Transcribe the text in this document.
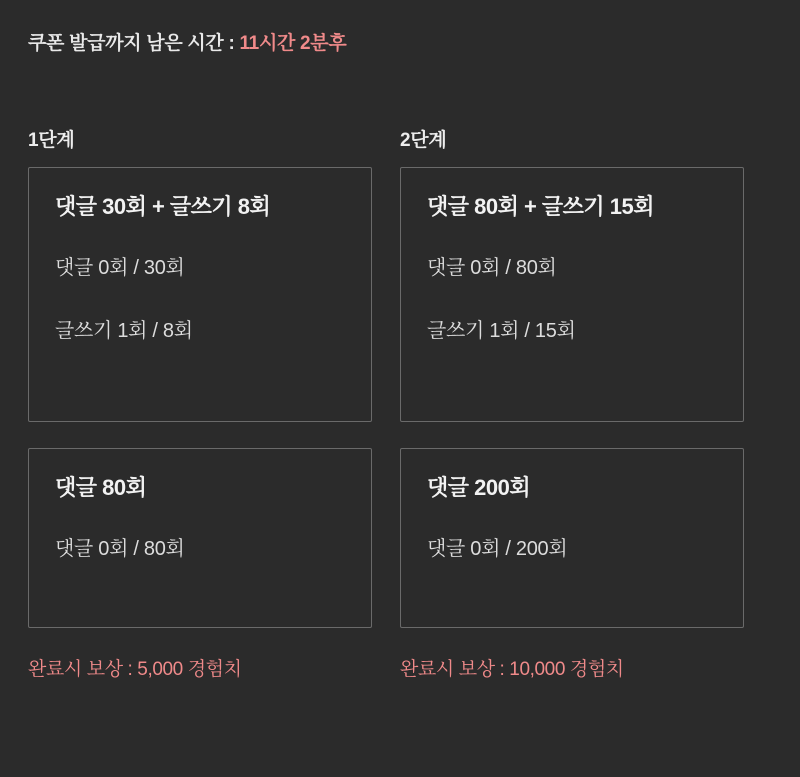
쿠폰 발급까지 남은 시간 : 11시간 2분후
1단계
댓글 30회 + 글쓰기 8회
댓글 0회 / 30회
글쓰기 1회 / 8회
댓글 80회
댓글 0회 / 80회
완료시 보상 : 5,000 경험치
2단계
댓글 80회 + 글쓰기 15회
댓글 0회 / 80회
글쓰기 1회 / 15회
댓글 200회
댓글 0회 / 200회
완료시 보상 : 10,000 경험치
